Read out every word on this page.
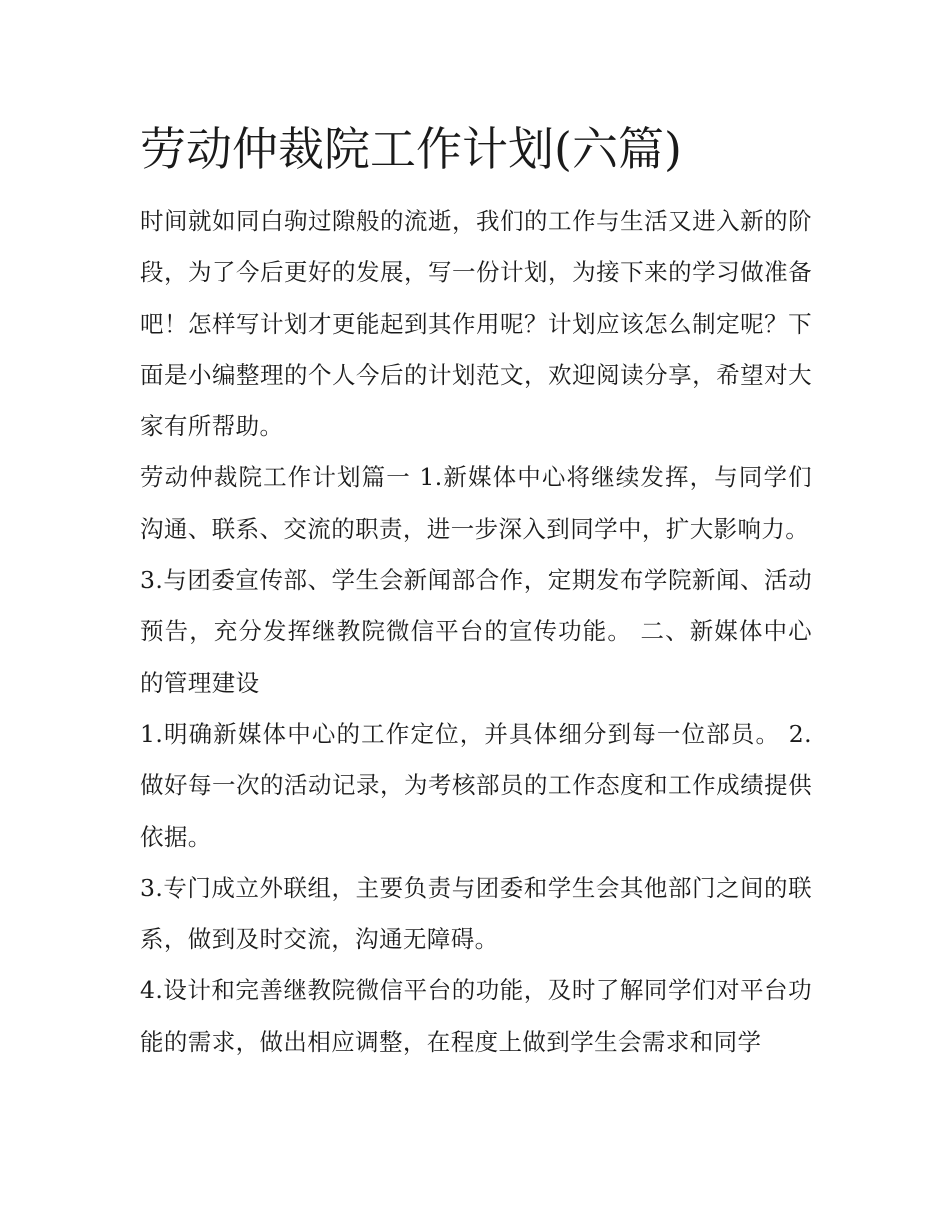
劳动仲裁院工作计划(六篇)

时间就如同白驹过隙般的流逝，我们的工作与生活又进入新的阶段，为了今后更好的发展，写一份计划，为接下来的学习做准备吧！怎样写计划才更能起到其作用呢？计划应该怎么制定呢？下面是小编整理的个人今后的计划范文，欢迎阅读分享，希望对大家有所帮助。

劳动仲裁院工作计划篇一 1.新媒体中心将继续发挥，与同学们沟通、联系、交流的职责，进一步深入到同学中，扩大影响力。

3.与团委宣传部、学生会新闻部合作，定期发布学院新闻、活动预告，充分发挥继教院微信平台的宣传功能。 二、新媒体中心的管理建设

1.明确新媒体中心的工作定位，并具体细分到每一位部员。 2.做好每一次的活动记录，为考核部员的工作态度和工作成绩提供依据。

3.专门成立外联组，主要负责与团委和学生会其他部门之间的联系，做到及时交流，沟通无障碍。

4.设计和完善继教院微信平台的功能，及时了解同学们对平台功能的需求，做出相应调整，在程度上做到学生会需求和同学
